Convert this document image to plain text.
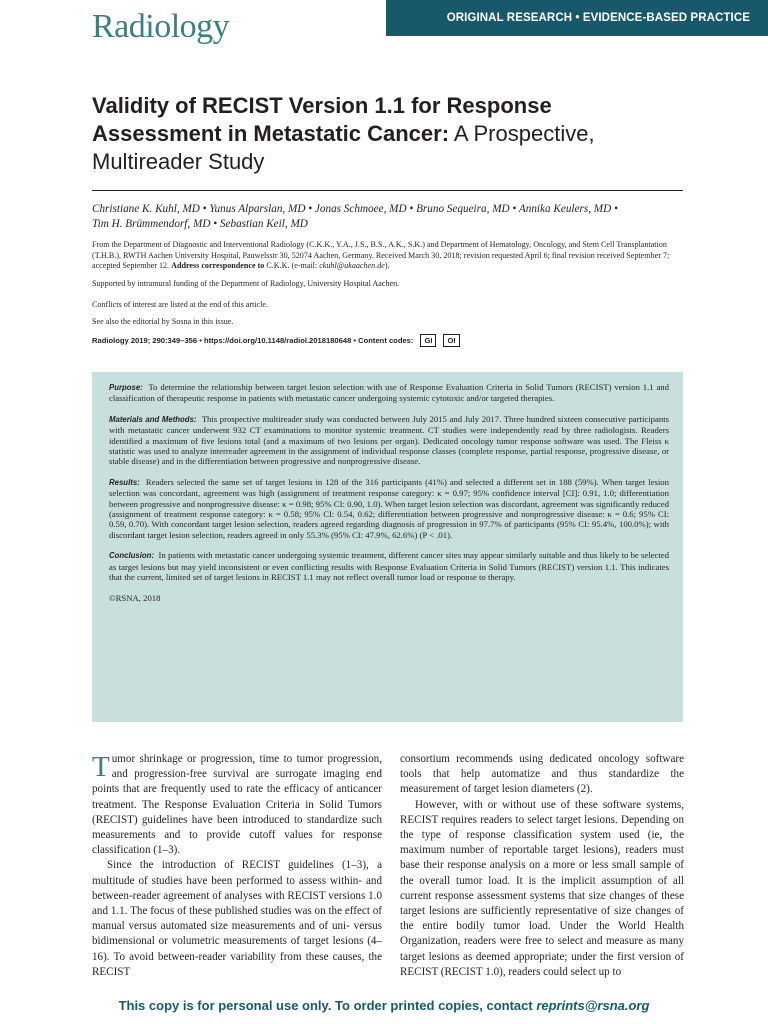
Radiology	ORIGINAL RESEARCH • EVIDENCE-BASED PRACTICE
Validity of RECIST Version 1.1 for Response
Assessment in Metastatic Cancer: A Prospective,
Multireader Study
Christiane K. Kuhl, MD • Yunus Alparslan, MD • Jonas Schmoee, MD • Bruno Sequeira, MD • Annika Keulers, MD •
Tim H. Brümmendorf, MD • Sebastian Keil, MD
From the Department of Diagnostic and Interventional Radiology (C.K.K., Y.A., J.S., B.S., A.K., S.K.) and Department of Hematology, Oncology, and Stem Cell Transplantation (T.H.B.), RWTH Aachen University Hospital, Pauwelsstr 30, 52074 Aachen, Germany. Received March 30, 2018; revision requested April 6; final revision received September 7; accepted September 12. Address correspondence to C.K.K. (e-mail: ckuhl@ukaachen.de).
Supported by intramural funding of the Department of Radiology, University Hospital Aachen.
Conflicts of interest are listed at the end of this article.
See also the editorial by Sosna in this issue.
Radiology 2019; 290:349–356 • https://doi.org/10.1148/radiol.2018180648 • Content codes:	GI	OI

Purpose: To determine the relationship between target lesion selection with use of Response Evaluation Criteria in Solid Tumors (RECIST) version 1.1 and classification of therapeutic response in patients with metastatic cancer undergoing systemic cytotoxic and/or targeted therapies.

Materials and Methods: This prospective multireader study was conducted between July 2015 and July 2017. Three hundred sixteen consecutive participants with metastatic cancer underwent 932 CT examinations to monitor systemic treatment. CT studies were independently read by three radiologists. Readers identified a maximum of five lesions total (and a maximum of two lesions per organ). Dedicated oncology tumor response software was used. The Fleiss κ statistic was used to analyze interreader agreement in the assignment of individual response classes (complete response, partial response, progressive disease, or stable disease) and in the differentiation between progressive and nonprogressive disease.

Results: Readers selected the same set of target lesions in 128 of the 316 participants (41%) and selected a different set in 188 (59%). When target lesion selection was concordant, agreement was high (assignment of treatment response category: κ = 0.97; 95% confidence interval [CI]: 0.91, 1.0; differentiation between progressive and nonprogressive disease: κ = 0.98; 95% CI: 0.90, 1.0). When target lesion selection was discordant, agreement was significantly reduced (assignment of treatment response category: κ = 0.58; 95% CI: 0.54, 0.62; differentiation between progressive and nonprogressive disease: κ = 0.6; 95% CI: 0.59, 0.70). With concordant target lesion selection, readers agreed regarding diagnosis of progression in 97.7% of participants (95% CI: 95.4%, 100.0%); with discordant target lesion selection, readers agreed in only 55.3% (95% CI: 47.9%, 62.6%) (P < .01).

Conclusion: In patients with metastatic cancer undergoing systemic treatment, different cancer sites may appear similarly suitable and thus likely to be selected as target lesions but may yield inconsistent or even conflicting results with Response Evaluation Criteria in Solid Tumors (RECIST) version 1.1. This indicates that the current, limited set of target lesions in RECIST 1.1 may not reflect overall tumor load or response to therapy.

©RSNA, 2018

Tumor shrinkage or progression, time to tumor progression, and progression-free survival are surrogate imaging end points that are frequently used to rate the efficacy of anticancer treatment. The Response Evaluation Criteria in Solid Tumors (RECIST) guidelines have been introduced to standardize such measurements and to provide cutoff values for response classification (1–3).

Since the introduction of RECIST guidelines (1–3), a multitude of studies have been performed to assess within- and between-reader agreement of analyses with RECIST versions 1.0 and 1.1. The focus of these published studies was on the effect of manual versus automated size measurements and of uni- versus bidimensional or volumetric measurements of target lesions (4–16). To avoid between-reader variability from these causes, the RECIST

consortium recommends using dedicated oncology software tools that help automatize and thus standardize the measurement of target lesion diameters (2).

However, with or without use of these software systems, RECIST requires readers to select target lesions. Depending on the type of response classification system used (ie, the maximum number of reportable target lesions), readers must base their response analysis on a more or less small sample of the overall tumor load. It is the implicit assumption of all current response assessment systems that size changes of these target lesions are sufficiently representative of size changes of the entire bodily tumor load. Under the World Health Organization, readers were free to select and measure as many target lesions as deemed appropriate; under the first version of RECIST (RECIST 1.0), readers could select up to

This copy is for personal use only. To order printed copies, contact reprints@rsna.org
